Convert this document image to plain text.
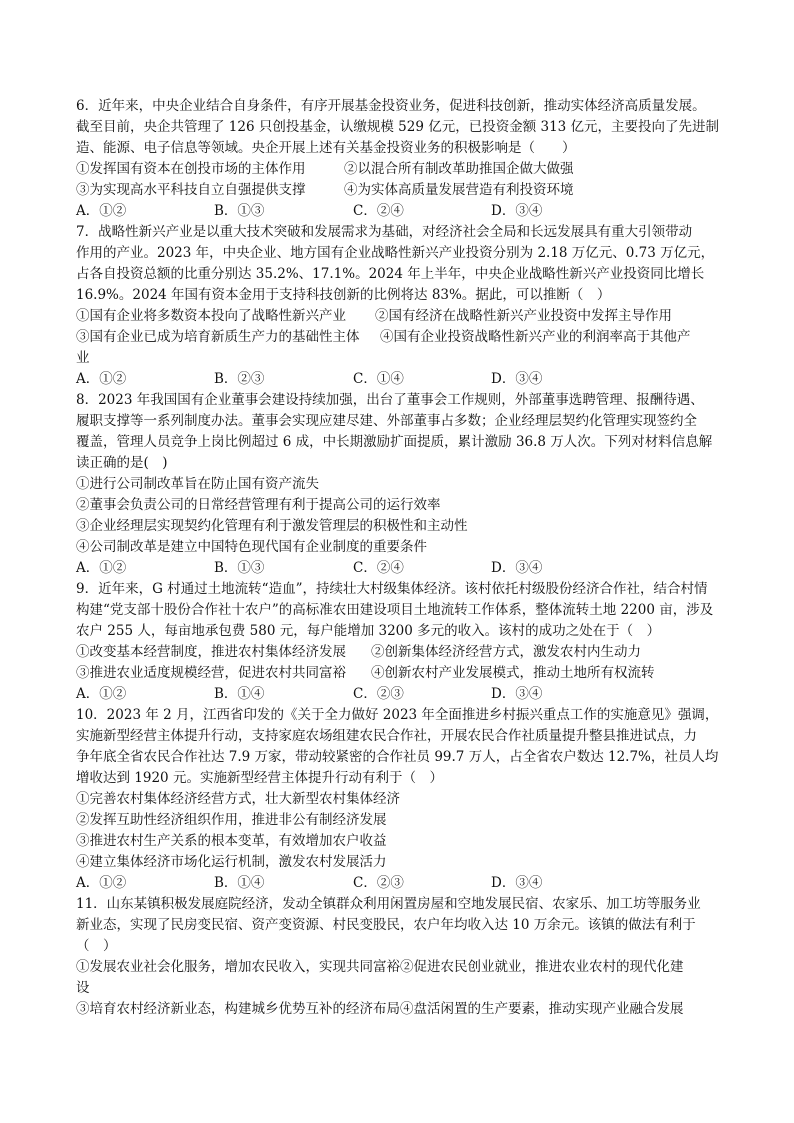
6．近年来，中央企业结合自身条件，有序开展基金投资业务，促进科技创新，推动实体经济高质量发展。
截至目前，央企共管理了 126 只创投基金，认缴规模 529 亿元，已投资金额 313 亿元，主要投向了先进制
造、能源、电子信息等领域。央企开展上述有关基金投资业务的积极影响是（　　）
①发挥国有资本在创投市场的主体作用	②以混合所有制改革助推国企做大做强
③为实现高水平科技自立自强提供支撑	④为实体高质量发展营造有利投资环境
A．①②	B．①③	C．②④	D．③④
7．战略性新兴产业是以重大技术突破和发展需求为基础，对经济社会全局和长远发展具有重大引领带动
作用的产业。2023 年，中央企业、地方国有企业战略性新兴产业投资分别为 2.18 万亿元、0.73 万亿元，
占各自投资总额的比重分别达 35.2%、17.1%。2024 年上半年，中央企业战略性新兴产业投资同比增长
16.9%。2024 年国有资本金用于支持科技创新的比例将达 83%。据此，可以推断（　）
①国有企业将多数资本投向了战略性新兴产业 ②国有经济在战略性新兴产业投资中发挥主导作用
③国有企业已成为培育新质生产力的基础性主体 ④国有企业投资战略性新兴产业的利润率高于其他产
业
A．①②	B．②③	C．①④	D．③④
8．2023 年我国国有企业董事会建设持续加强，出台了董事会工作规则，外部董事选聘管理、报酬待遇、
履职支撑等一系列制度办法。董事会实现应建尽建、外部董事占多数；企业经理层契约化管理实现签约全
覆盖，管理人员竞争上岗比例超过 6 成，中长期激励扩面提质，累计激励 36.8 万人次。下列对材料信息解
读正确的是(　)
①进行公司制改革旨在防止国有资产流失
②董事会负责公司的日常经营管理有利于提高公司的运行效率
③企业经理层实现契约化管理有利于激发管理层的积极性和主动性
④公司制改革是建立中国特色现代国有企业制度的重要条件
A．①②	B．①③	C．②④	D．③④
9．近年来，G 村通过土地流转“造血”，持续壮大村级集体经济。该村依托村级股份经济合作社，结合村情
构建“党支部十股份合作社十农户”的高标准农田建设项目土地流转工作体系，整体流转土地 2200 亩，涉及
农户 255 人，每亩地承包费 580 元，每户能增加 3200 多元的收入。该村的成功之处在于（　）
①改变基本经营制度，推进农村集体经济发展 ②创新集体经济经营方式，激发农村内生动力
③推进农业适度规模经营，促进农村共同富裕 ④创新农村产业发展模式，推动土地所有权流转
A．①②	B．①④	C．②③	D．③④
10．2023 年 2 月，江西省印发的《关于全力做好 2023 年全面推进乡村振兴重点工作的实施意见》强调，
实施新型经营主体提升行动，支持家庭农场组建农民合作社，开展农民合作社质量提升整县推进试点，力
争年底全省农民合作社达 7.9 万家，带动较紧密的合作社员 99.7 万人，占全省农户数达 12.7%，社员人均
增收达到 1920 元。实施新型经营主体提升行动有利于（　）
①完善农村集体经济经营方式，壮大新型农村集体经济
②发挥互助性经济组织作用，推进非公有制经济发展
③推进农村生产关系的根本变革，有效增加农户收益
④建立集体经济市场化运行机制，激发农村发展活力
A．①②	B．①④	C．②③	D．③④
11．山东某镇积极发展庭院经济，发动全镇群众利用闲置房屋和空地发展民宿、农家乐、加工坊等服务业
新业态，实现了民房变民宿、资产变资源、村民变股民，农户年均收入达 10 万余元。该镇的做法有利于
（　）
①发展农业社会化服务，增加农民收入，实现共同富裕②促进农民创业就业，推进农业农村的现代化建
设
③培育农村经济新业态，构建城乡优势互补的经济布局④盘活闲置的生产要素，推动实现产业融合发展
